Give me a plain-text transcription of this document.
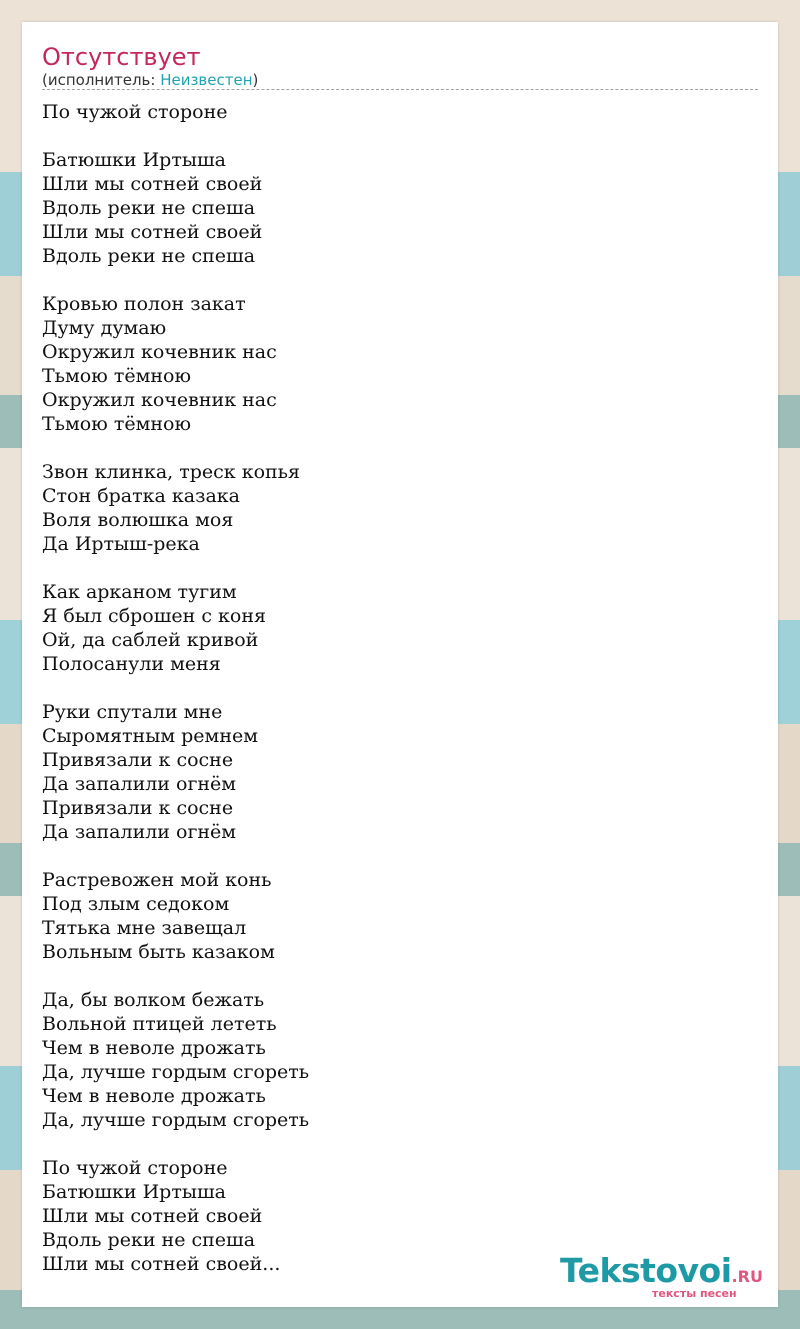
Отсутствует
(исполнитель: Неизвестен)
По чужой стороне
Батюшки Иртыша
Шли мы сотней своей
Вдоль реки не спеша
Шли мы сотней своей
Вдоль реки не спеша
Кровью полон закат
Думу думаю
Окружил кочевник нас
Тьмою тёмною
Окружил кочевник нас
Тьмою тёмною
Звон клинка, треск копья
Стон братка казака
Воля волюшка моя
Да Иртыш-река
Как арканом тугим
Я был сброшен с коня
Ой, да саблей кривой
Полосанули меня
Руки спутали мне
Сыромятным ремнем
Привязали к сосне
Да запалили огнём
Привязали к сосне
Да запалили огнём
Растревожен мой конь
Под злым седоком
Тятька мне завещал
Вольным быть казаком
Да, бы волком бежать
Вольной птицей лететь
Чем в неволе дрожать
Да, лучше гордым сгореть
Чем в неволе дрожать
Да, лучше гордым сгореть
По чужой стороне
Батюшки Иртыша
Шли мы сотней своей
Вдоль реки не спеша
Шли мы сотней своей...	Tekstovoi.RU
тексты песен
